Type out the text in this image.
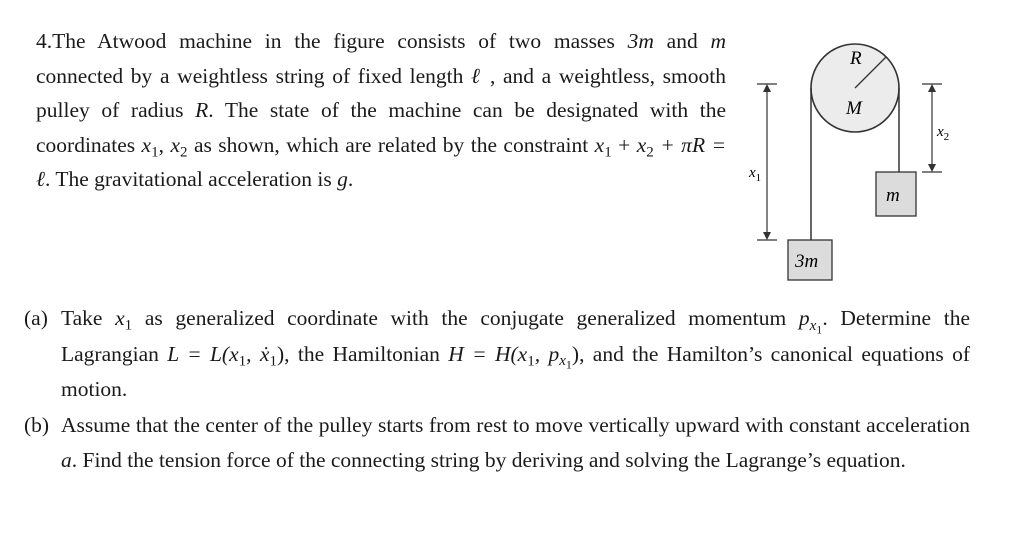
4.The Atwood machine in the figure consists of two masses 3m and m connected by a weightless string of fixed length ℓ , and a weightless, smooth pulley of radius R. The state of the machine can be designated with the coordinates $x_1$, $x_2$ as shown, which are related by the constraint $x_1 + x_2 + \pi R$ = ℓ. The gravitational acceleration is g.

R
M
3m
m
$x_1$
$x_2$
(a) Take $x_1$ as generalized coordinate with the conjugate generalized momentum $p_{x_1}$. Determine the Lagrangian $L = L(x_1$, ẋ$_1$), the Hamiltonian $H = H(x_1$, $p_{x_1}$), and the Hamilton’s canonical equations of motion.
(b) Assume that the center of the pulley starts from rest to move vertically upward with constant acceleration a. Find the tension force of the connecting string by deriving and solving the Lagrange’s equation.
